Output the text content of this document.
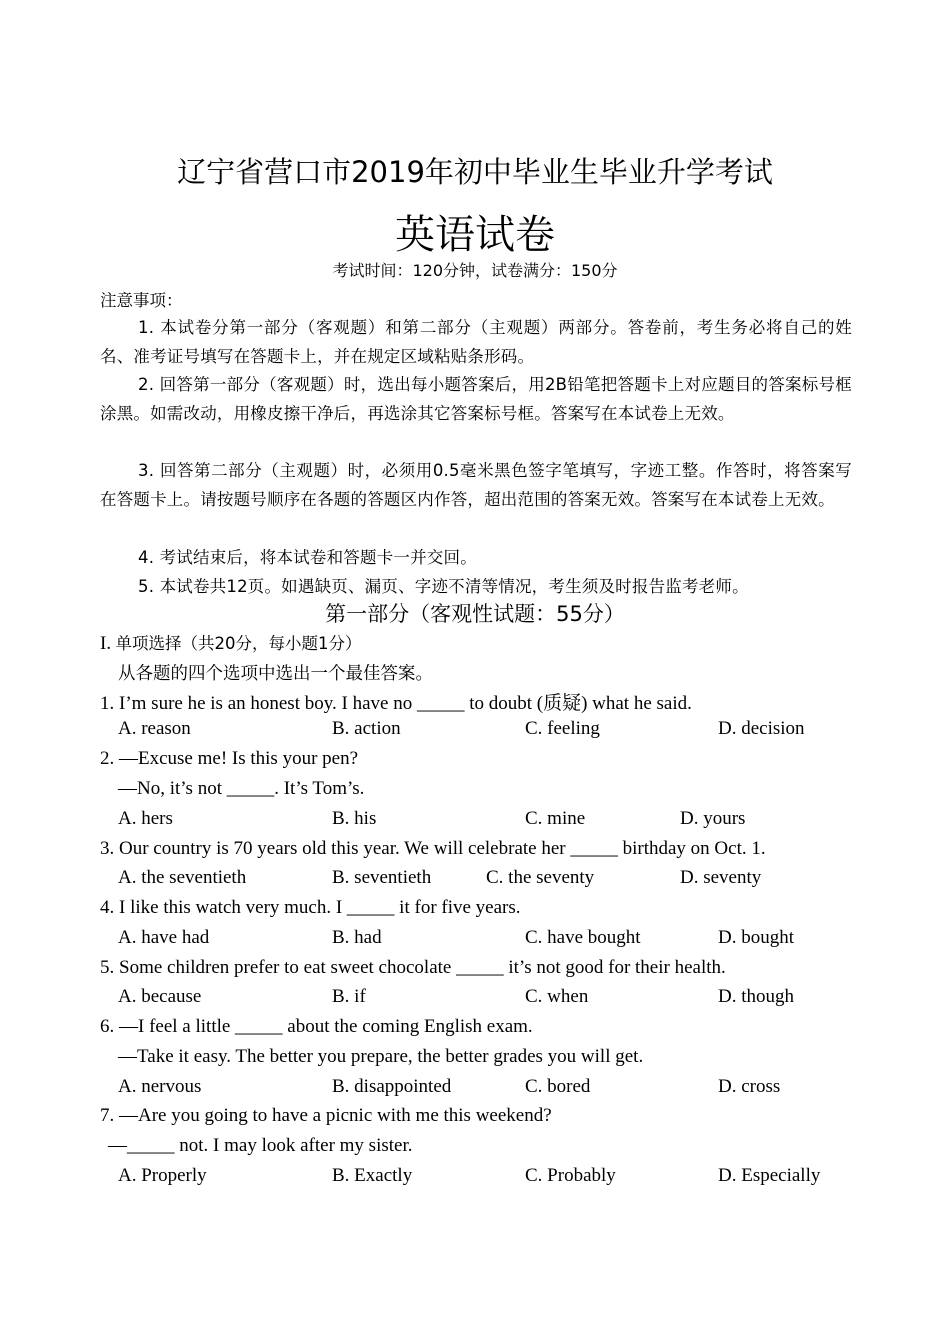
辽宁省营口市2019年初中毕业生毕业升学考试
英语试卷
考试时间：120分钟，试卷满分：150分
注意事项：
1. 本试卷分第一部分（客观题）和第二部分（主观题）两部分。答卷前，考生务必将自己的姓名、准考证号填写在答题卡上，并在规定区域粘贴条形码。
2. 回答第一部分（客观题）时，选出每小题答案后，用2B铅笔把答题卡上对应题目的答案标号框涂黑。如需改动，用橡皮擦干净后，再选涂其它答案标号框。答案写在本试卷上无效。
3. 回答第二部分（主观题）时，必须用0.5毫米黑色签字笔填写，字迹工整。作答时，将答案写在答题卡上。请按题号顺序在各题的答题区内作答，超出范围的答案无效。答案写在本试卷上无效。
4. 考试结束后，将本试卷和答题卡一并交回。
5. 本试卷共12页。如遇缺页、漏页、字迹不清等情况，考生须及时报告监考老师。
第一部分（客观性试题：55分）
I. 单项选择（共20分，每小题1分）
从各题的四个选项中选出一个最佳答案。
1. I’m sure he is an honest boy. I have no _____ to doubt (质疑) what he said.
A. reason	B. action	C. feeling	D. decision
2. —Excuse me! Is this your pen?
—No, it’s not _____. It’s Tom’s.
A. hers	B. his	C. mine	D. yours
3. Our country is 70 years old this year. We will celebrate her _____ birthday on Oct. 1.
A. the seventieth	B. seventieth	C. the seventy	D. seventy
4. I like this watch very much. I _____ it for five years.
A. have had	B. had	C. have bought	D. bought
5. Some children prefer to eat sweet chocolate _____ it’s not good for their health.
A. because	B. if	C. when	D. though
6. —I feel a little _____ about the coming English exam.
—Take it easy. The better you prepare, the better grades you will get.
A. nervous	B. disappointed	C. bored	D. cross
7. —Are you going to have a picnic with me this weekend?
—_____ not. I may look after my sister.
A. Properly	B. Exactly	C. Probably	D. Especially
